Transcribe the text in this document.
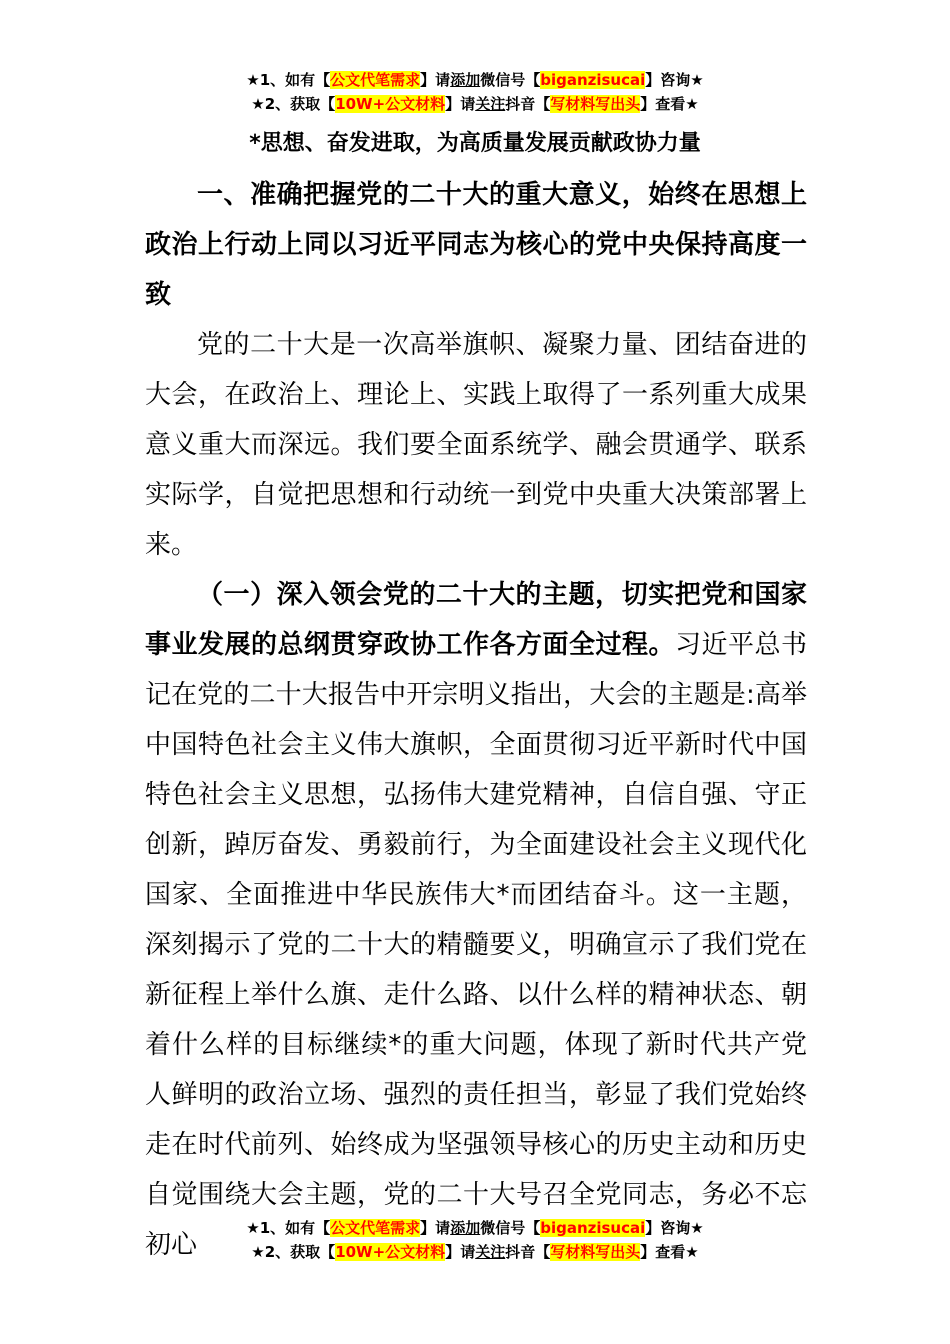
★1、如有【公文代笔需求】请添加微信号【biganzisucai】咨询★
★2、获取【10W+公文材料】请关注抖音【写材料写出头】查看★
*思想、奋发进取，为高质量发展贡献政协力量

一、准确把握党的二十大的重大意义，始终在思想上政治上行动上同以习近平同志为核心的党中央保持高度一致

党的二十大是一次高举旗帜、凝聚力量、团结奋进的大会，在政治上、理论上、实践上取得了一系列重大成果意义重大而深远。我们要全面系统学、融会贯通学、联系实际学，自觉把思想和行动统一到党中央重大决策部署上来。

（一）深入领会党的二十大的主题，切实把党和国家事业发展的总纲贯穿政协工作各方面全过程。习近平总书记在党的二十大报告中开宗明义指出，大会的主题是:高举中国特色社会主义伟大旗帜，全面贯彻习近平新时代中国特色社会主义思想，弘扬伟大建党精神，自信自强、守正创新，踔厉奋发、勇毅前行，为全面建设社会主义现代化国家、全面推进中华民族伟大*而团结奋斗。这一主题，深刻揭示了党的二十大的精髓要义，明确宣示了我们党在新征程上举什么旗、走什么路、以什么样的精神状态、朝着什么样的目标继续*的重大问题，体现了新时代共产党人鲜明的政治立场、强烈的责任担当，彰显了我们党始终走在时代前列、始终成为坚强领导核心的历史主动和历史自觉围绕大会主题，党的二十大号召全党同志，务必不忘初心

★1、如有【公文代笔需求】请添加微信号【biganzisucai】咨询★
★2、获取【10W+公文材料】请关注抖音【写材料写出头】查看★
